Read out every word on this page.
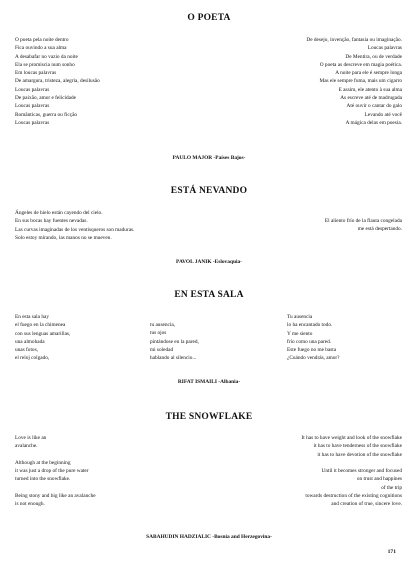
O POETA
O poeta pela noite dentro
Fica ouvindo a sua alma
A desabafar no vazio da noite
Ela se promiscia num sonho
Em loucas palavras
De amargura, tristeza, alegria, desilusão
Loucas palavras
De paixão, amor e felicidade
Loucas palavras
Românticas, guerra ou ficção
Loucas palavras
De desejo, invenção, fantasia ou imaginação.
Loucas palavras
De Mentira, ou de verdade
O poeta as descreve em magia poética.
A noite para ele é sempre longa
Mas ele sempre fuma, mais um cigarro
E assim, ele atento à sua alma
As escreve até de madrugada
Até ouvir o cantar do galo
Levando até você
A mágica delas em poesia.
PAULO MAJOR -Países Bajos-
ESTÁ NEVANDO
Ángeles de hielo están cayendo del cielo.
En sus bocas hay fuentes nevadas.
Las curvas imaginadas de los ventisqueros son maduras.
Solo estoy mirando, las manos no se mueven.
El aliento frío de la flauta congelada
me está despertando.
PAVOL JANIK -Eslovaquia-
EN ESTA SALA
En esta sala hay
el fuego en la chimenea
con sus lenguas amarillas,
una almohada
unas fotos,
el reloj colgado,
tu ausencia,
tus ojos
pintándose en la pared,
mi soledad
hablando al silencio...
Tu ausencia
lo ha encantado todo.
Y me siento
frío como una pared.
Este fuego no me basta
¿Cuándo vendrás, amor?
RIFAT ISMAILI -Albania-
THE SNOWFLAKE
Love is like an
avalanche.
Although at the beginning
it was just a drop of the pure water
turned into the snowflake.
Being stony and big like an avalanche
is not enough.
It has to have weight and look of the snowflake
it has to have tenderness of the snowflake
it has to have devotion of the snowflake
Until it becomes stronger and focused
on trust and happines
of the trip
towards destruction of the existing cognitions
and creation of true, sincere love.
SABAHUDIN HADZIALIC -Bosnia and Herzegovina-
171
